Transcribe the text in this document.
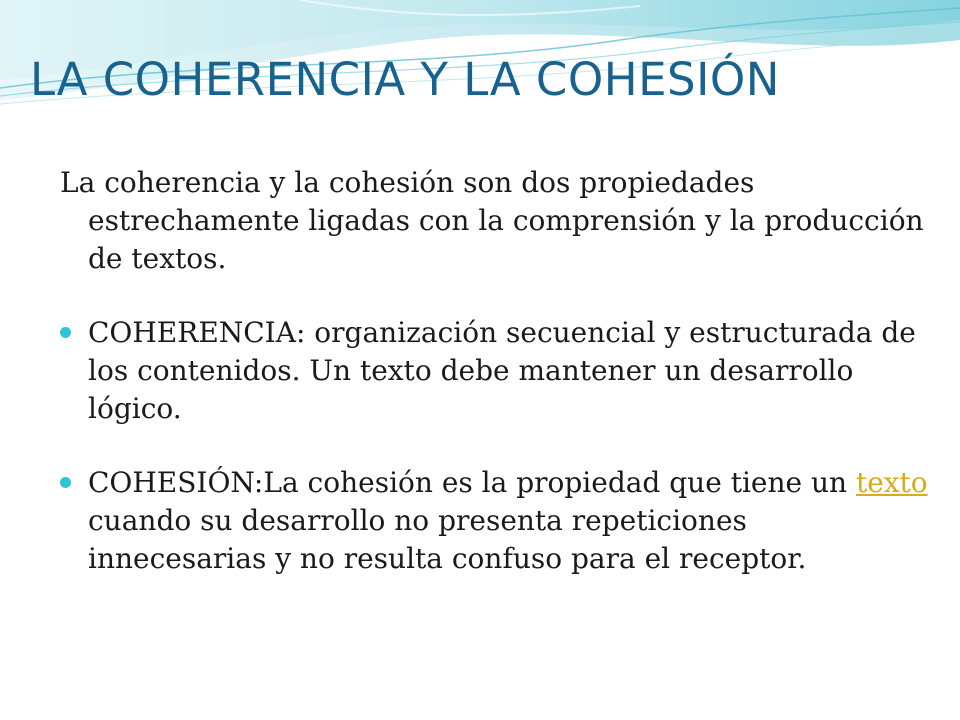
LA COHERENCIA Y LA COHESIÓN

La coherencia y la cohesión son dos propiedades estrechamente ligadas con la comprensión y la producción de textos.

COHERENCIA: organización secuencial y estructurada de los contenidos. Un texto debe mantener un desarrollo lógico.
COHESIÓN:La cohesión es la propiedad que tiene un texto cuando su desarrollo no presenta repeticiones innecesarias y no resulta confuso para el receptor.
